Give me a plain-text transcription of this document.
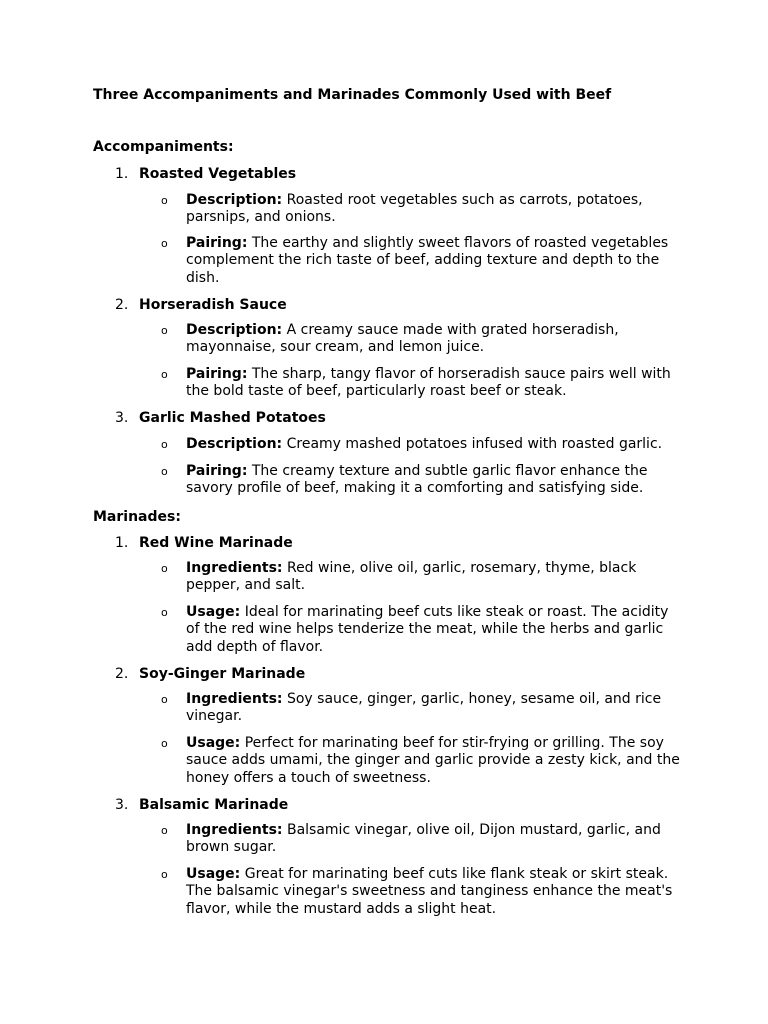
Three Accompaniments and Marinades Commonly Used with Beef
Accompaniments:
1. Roasted Vegetables
o Description: Roasted root vegetables such as carrots, potatoes, parsnips, and onions.
o Pairing: The earthy and slightly sweet flavors of roasted vegetables complement the rich taste of beef, adding texture and depth to the dish.
2. Horseradish Sauce
o Description: A creamy sauce made with grated horseradish, mayonnaise, sour cream, and lemon juice.
o Pairing: The sharp, tangy flavor of horseradish sauce pairs well with the bold taste of beef, particularly roast beef or steak.
3. Garlic Mashed Potatoes
o Description: Creamy mashed potatoes infused with roasted garlic.
o Pairing: The creamy texture and subtle garlic flavor enhance the savory profile of beef, making it a comforting and satisfying side.
Marinades:
1. Red Wine Marinade
o Ingredients: Red wine, olive oil, garlic, rosemary, thyme, black pepper, and salt.
o Usage: Ideal for marinating beef cuts like steak or roast. The acidity of the red wine helps tenderize the meat, while the herbs and garlic add depth of flavor.
2. Soy-Ginger Marinade
o Ingredients: Soy sauce, ginger, garlic, honey, sesame oil, and rice vinegar.
o Usage: Perfect for marinating beef for stir-frying or grilling. The soy sauce adds umami, the ginger and garlic provide a zesty kick, and the honey offers a touch of sweetness.
3. Balsamic Marinade
o Ingredients: Balsamic vinegar, olive oil, Dijon mustard, garlic, and brown sugar.
o Usage: Great for marinating beef cuts like flank steak or skirt steak. The balsamic vinegar's sweetness and tanginess enhance the meat's flavor, while the mustard adds a slight heat.
